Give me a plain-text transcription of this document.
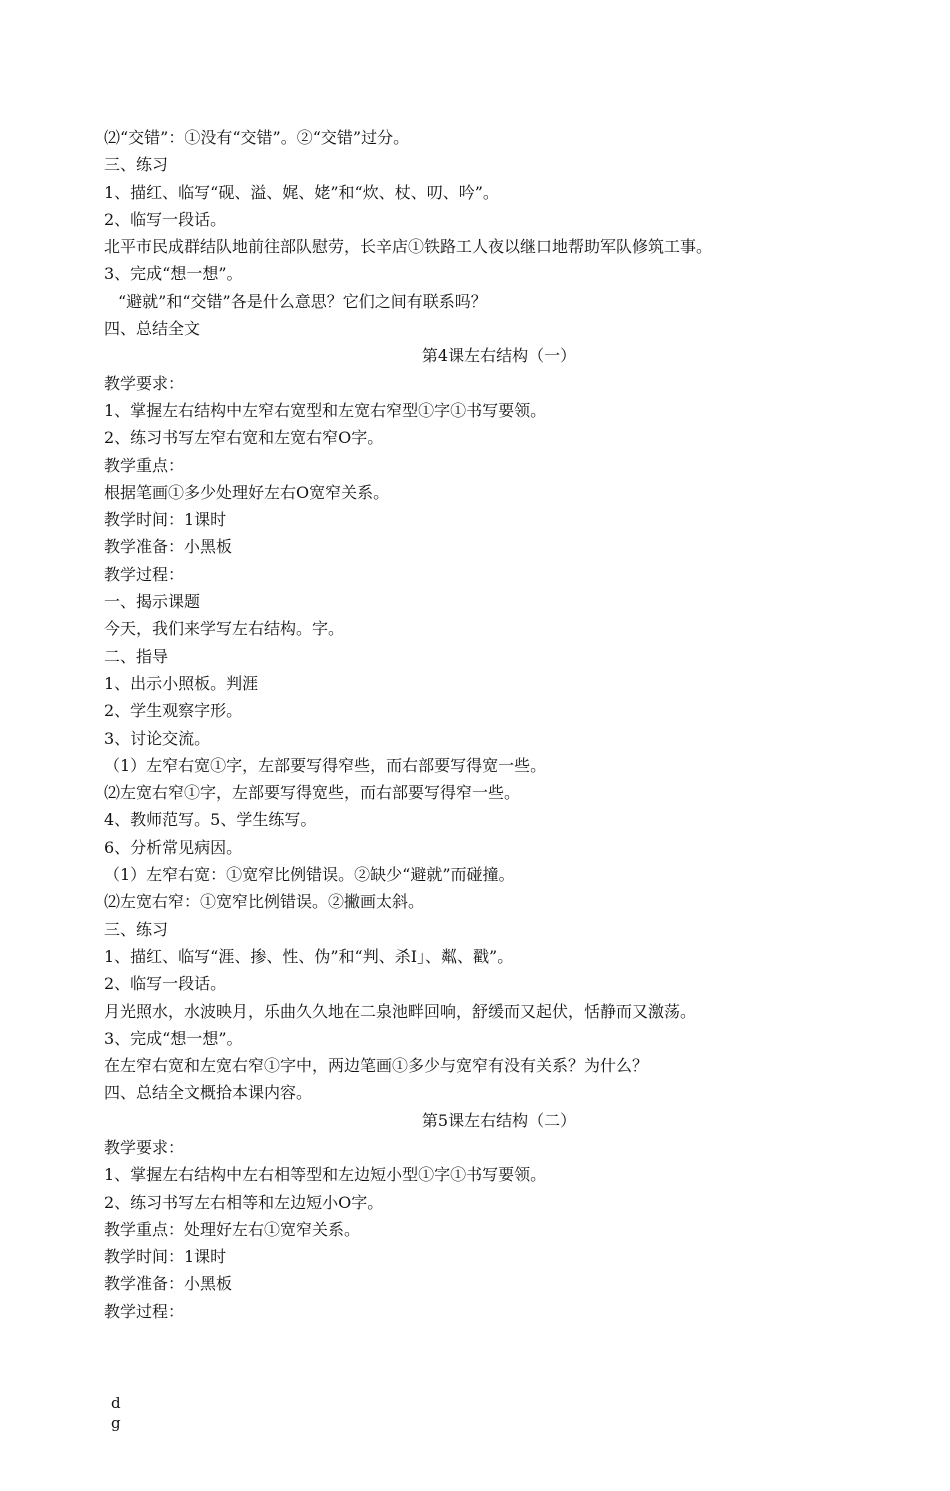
⑵“交错”：①没有“交错”。②“交错”过分。
三、练习
1、描红、临写“砚、溢、娓、姥”和“炊、杖、叨、吟”。
2、临写一段话。
北平市民成群结队地前往部队慰劳，长辛店①铁路工人夜以继口地帮助军队修筑工事。
3、完成“想一想”。
“避就”和“交错”各是什么意思？它们之间有联系吗？
四、总结全文
第4课左右结构（一）
教学要求：
1、掌握左右结构中左窄右宽型和左宽右窄型①字①书写要领。
2、练习书写左窄右宽和左宽右窄O字。
教学重点：
根据笔画①多少处理好左右O宽窄关系。
教学时间：1课时
教学准备：小黑板
教学过程：
一、揭示课题
今天，我们来学写左右结构。字。
二、指导
1、出示小照板。判涯
2、学生观察字形。
3、讨论交流。
（1）左窄右宽①字，左部要写得窄些，而右部要写得宽一些。
⑵左宽右窄①字，左部要写得宽些，而右部要写得窄一些。
4、教师范写。5、学生练写。
6、分析常见病因。
（1）左窄右宽：①宽窄比例错误。②缺少“避就”而碰撞。
⑵左宽右窄：①宽窄比例错误。②撇画太斜。
三、练习
1、描红、临写“涯、掺、性、伪”和“判、杀I」、粼、戳”。
2、临写一段话。
月光照水，水波映月，乐曲久久地在二泉池畔回响，舒缓而又起伏，恬静而又激荡。
3、完成“想一想”。
在左窄右宽和左宽右窄①字中，两边笔画①多少与宽窄有没有关系？为什么？
四、总结全文概拾本课内容。
第5课左右结构（二）
教学要求：
1、掌握左右结构中左右相等型和左边短小型①字①书写要领。
2、练习书写左右相等和左边短小O字。
教学重点：处理好左右①宽窄关系。
教学时间：1课时
教学准备：小黑板
教学过程：
d
g
